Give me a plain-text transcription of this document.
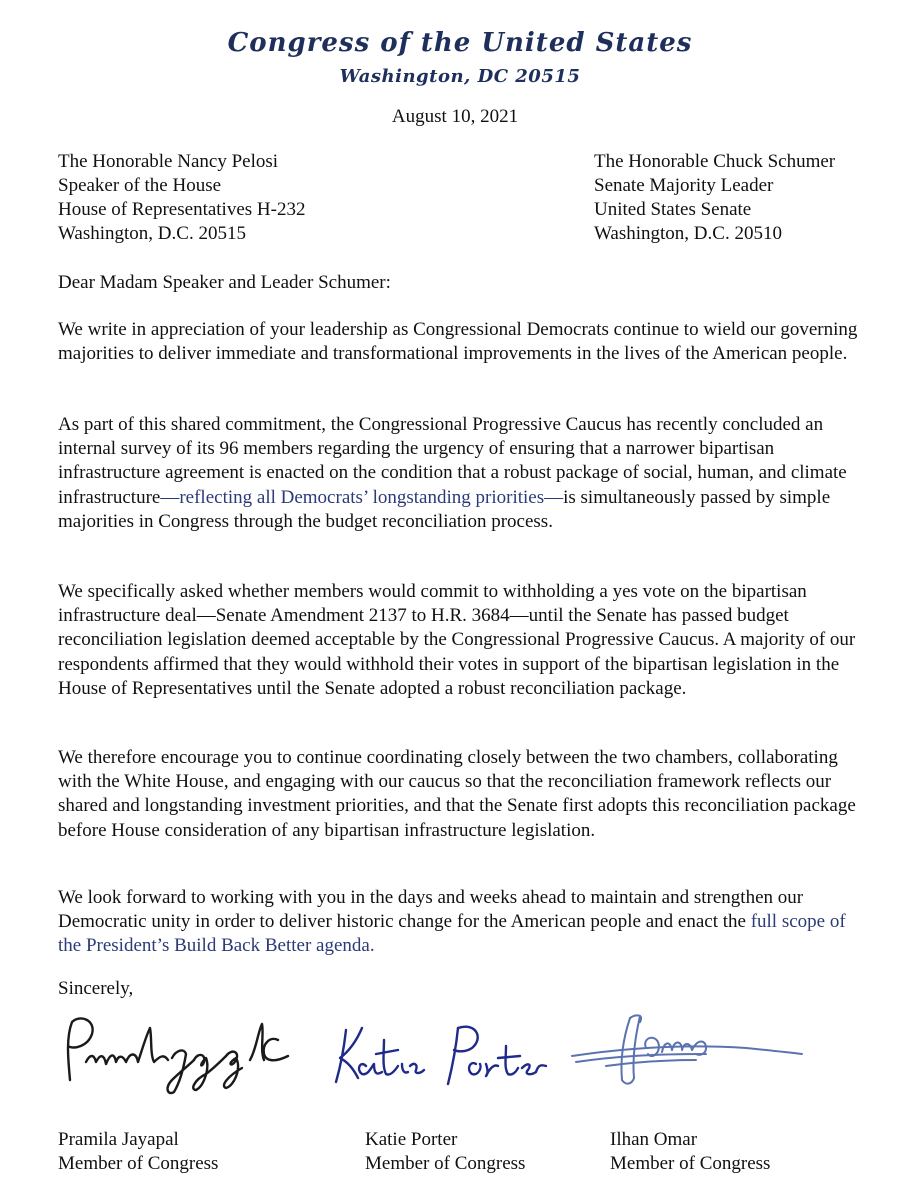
Congress of the United States
Washington, DC 20515
August 10, 2021
The Honorable Nancy Pelosi
Speaker of the House
House of Representatives H-232
Washington, D.C. 20515
The Honorable Chuck Schumer
Senate Majority Leader
United States Senate
Washington, D.C. 20510
Dear Madam Speaker and Leader Schumer:
We write in appreciation of your leadership as Congressional Democrats continue to wield our governing majorities to deliver immediate and transformational improvements in the lives of the American people.
As part of this shared commitment, the Congressional Progressive Caucus has recently concluded an internal survey of its 96 members regarding the urgency of ensuring that a narrower bipartisan infrastructure agreement is enacted on the condition that a robust package of social, human, and climate infrastructure—reflecting all Democrats’ longstanding priorities—is simultaneously passed by simple majorities in Congress through the budget reconciliation process.
We specifically asked whether members would commit to withholding a yes vote on the bipartisan infrastructure deal—Senate Amendment 2137 to H.R. 3684—until the Senate has passed budget reconciliation legislation deemed acceptable by the Congressional Progressive Caucus. A majority of our respondents affirmed that they would withhold their votes in support of the bipartisan legislation in the House of Representatives until the Senate adopted a robust reconciliation package.
We therefore encourage you to continue coordinating closely between the two chambers, collaborating with the White House, and engaging with our caucus so that the reconciliation framework reflects our shared and longstanding investment priorities, and that the Senate first adopts this reconciliation package before House consideration of any bipartisan infrastructure legislation.
We look forward to working with you in the days and weeks ahead to maintain and strengthen our Democratic unity in order to deliver historic change for the American people and enact the full scope of the President’s Build Back Better agenda.
Sincerely,
Pramila Jayapal
Member of Congress
Katie Porter
Member of Congress
Ilhan Omar
Member of Congress
